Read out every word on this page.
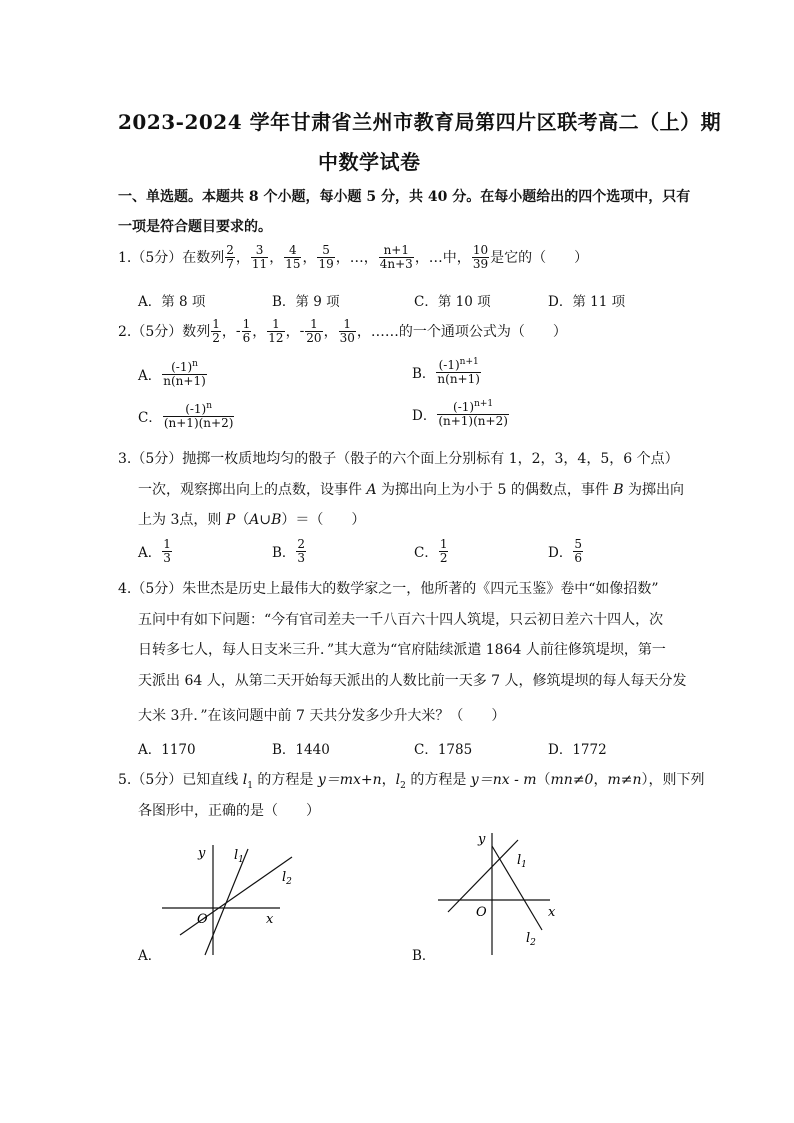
2023-2024 学年甘肃省兰州市教育局第四片区联考高二（上）期
中数学试卷
一、单选题。本题共 8 个小题，每小题 5 分，共 40 分。在每小题给出的四个选项中，只有
一项是符合题目要求的。
1.（5分）在数列 $\frac{2}{7}$ ， $\frac{3}{11}$ ， $\frac{4}{15}$ ， $\frac{5}{19}$ ，…， $\frac{n+1}{4n+3}$ ，…中， $\frac{10}{39}$ 是它的（　　）
A．第 8 项	B．第 9 项	C．第 10 项	D．第 11 项
2.（5分）数列 $\frac{1}{2}$ ， - $\frac{1}{6}$ ， $\frac{1}{12}$ ， - $\frac{1}{20}$ ， $\frac{1}{30}$ ，……的一个通项公式为（　　）
A． $\frac{(-1)^n}{n(n+1)}$	B． $\frac{(-1)^{n+1}}{n(n+1)}$
C． $\frac{(-1)^n}{(n+1)(n+2)}$	D． $\frac{(-1)^{n+1}}{(n+1)(n+2)}$
3.（5分）抛掷一枚质地均匀的骰子（骰子的六个面上分别标有 1，2，3，4，5，6 个点）
一次，观察掷出向上的点数，设事件 A 为掷出向上为小于 5 的偶数点，事件 B 为掷出向
上为 3点，则 P（A∪B）＝（　　）
A． $\frac{1}{3}$	B． $\frac{2}{3}$	C． $\frac{1}{2}$	D． $\frac{5}{6}$
4.（5分）朱世杰是历史上最伟大的数学家之一，他所著的《四元玉鉴》卷中“如像招数”
五问中有如下问题：“今有官司差夫一千八百六十四人筑堤，只云初日差六十四人，次
日转多七人，每人日支米三升．”其大意为“官府陆续派遣 1864 人前往修筑堤坝，第一
天派出 64 人，从第二天开始每天派出的人数比前一天多 7 人，修筑堤坝的每人每天分发
大米 3升．”在该问题中前 7 天共分发多少升大米？（　　）
A．1170	B．1440	C．1785	D．1772
5.（5分）已知直线 $l_1$ 的方程是 y＝mx+n，$l_2$ 的方程是 y＝nx - m（mn≠0，m≠n），则下列
各图形中，正确的是（　　）
y
x
O
$l_1$
$l_2$
A．
y
x
O
$l_1$
$l_2$
B．
